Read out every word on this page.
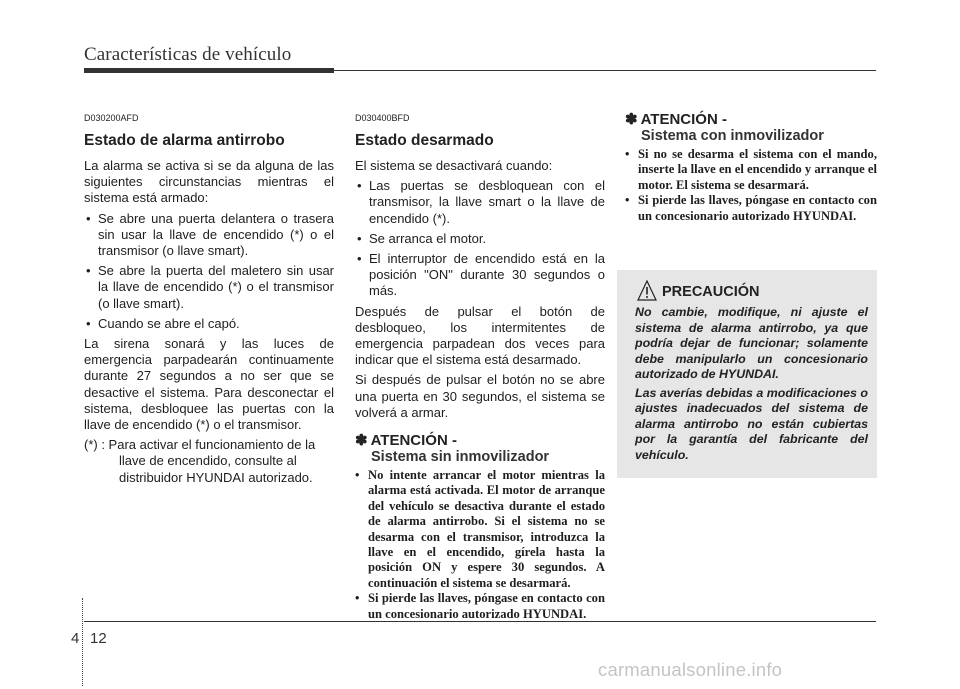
Características de vehículo
D030200AFD
Estado de alarma antirrobo

La alarma se activa si se da alguna de las siguientes circunstancias mientras el sistema está armado:

• Se abre una puerta delantera o trasera sin usar la llave de encendido (*) o el transmisor (o llave smart).
• Se abre la puerta del maletero sin usar la llave de encendido (*) o el transmisor (o llave smart).
• Cuando se abre el capó.

La sirena sonará y las luces de emergencia parpadearán continuamente durante 27 segundos a no ser que se desactive el sistema. Para desconectar el sistema, desbloquee las puertas con la llave de encendido (*) o el transmisor.

(*) : Para activar el funcionamiento de la llave de encendido, consulte al distribuidor HYUNDAI autorizado.

D030400BFD
Estado desarmado

El sistema se desactivará cuando:

• Las puertas se desbloquean con el transmisor, la llave smart o la llave de encendido (*).
• Se arranca el motor.
• El interruptor de encendido está en la posición "ON" durante 30 segundos o más.

Después de pulsar el botón de desbloqueo, los intermitentes de emergencia parpadean dos veces para indicar que el sistema está desarmado.

Si después de pulsar el botón no se abre una puerta en 30 segundos, el sistema se volverá a armar.

✽ ATENCIÓN -
Sistema sin inmovilizador
• No intente arrancar el motor mientras la alarma está activada. El motor de arranque del vehículo se desactiva durante el estado de alarma antirrobo. Si el sistema no se desarma con el transmisor, introduzca la llave en el encendido, gírela hasta la posición ON y espere 30 segundos. A continuación el sistema se desarmará.
• Si pierde las llaves, póngase en contacto con un concesionario autorizado HYUNDAI.
✽ ATENCIÓN -
Sistema con inmovilizador
• Si no se desarma el sistema con el mando, inserte la llave en el encendido y arranque el motor. El sistema se desarmará.
• Si pierde las llaves, póngase en contacto con un concesionario autorizado HYUNDAI.
PRECAUCIÓN

No cambie, modifique, ni ajuste el sistema de alarma antirrobo, ya que podría dejar de funcionar; solamente debe manipularlo un concesionario autorizado de HYUNDAI.

Las averías debidas a modificaciones o ajustes inadecuados del sistema de alarma antirrobo no están cubiertas por la garantía del fabricante del vehículo.

4 12
carmanualsonline.info
